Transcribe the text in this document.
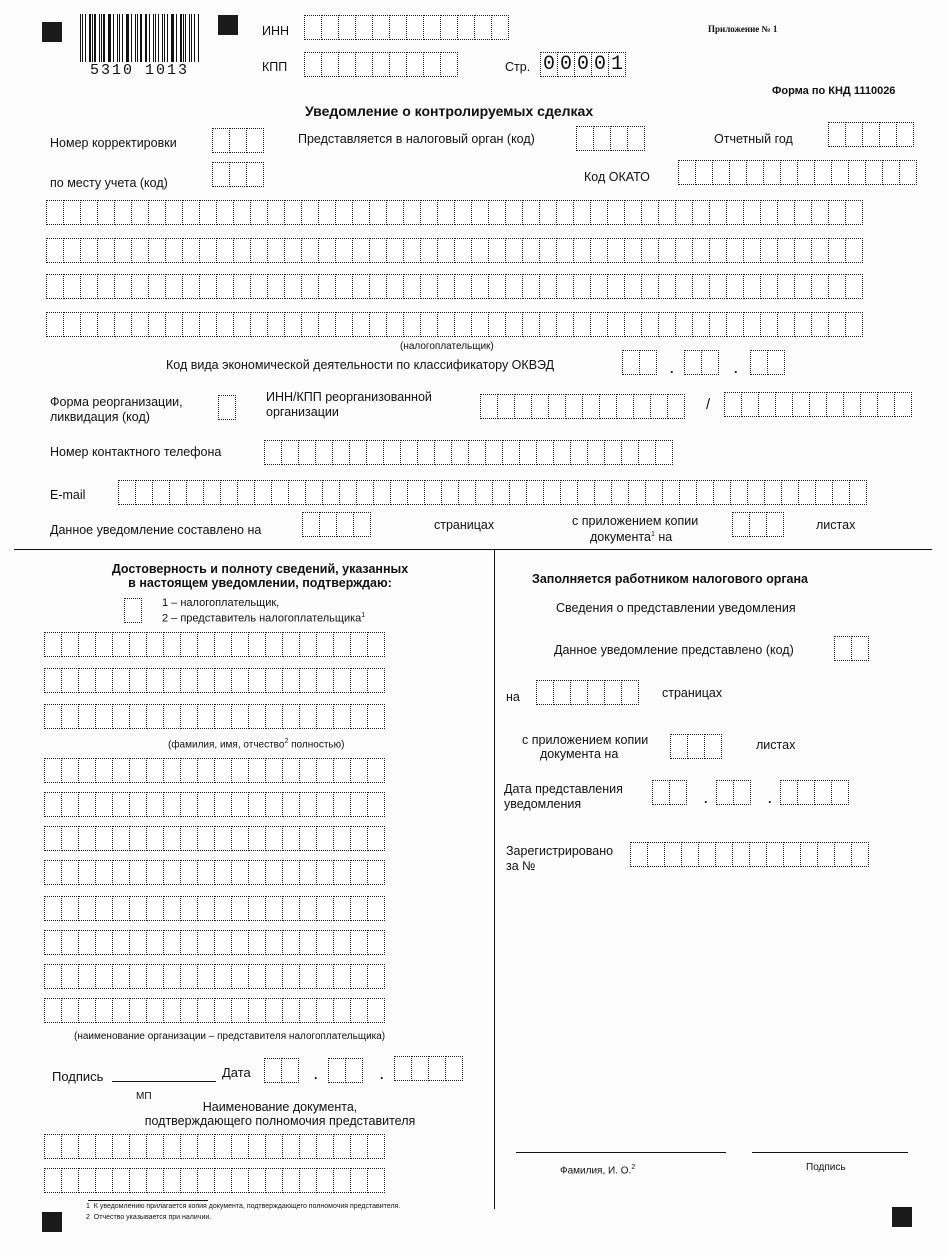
5310 1013
ИНН
КПП	Стр. 0 0 0 0 1
Приложение № 1
Форма по КНД 1110026
Уведомление о контролируемых сделках
Номер корректировки	Представляется в налоговый орган (код)	Отчетный год
по месту учета (код)	Код ОКАТО
(налогоплательщик)
Код вида экономической деятельности по классификатору ОКВЭД	.	.
Форма реорганизации,
ликвидация (код)
ИНН/КПП реорганизованной
организации	/
Номер контактного телефона
E-mail
Данное уведомление составлено на	страницах	с приложением копии
документа$^1$ на
листах
Достоверность и полноту сведений, указанных
в настоящем уведомлении, подтверждаю:
1 – налогоплательщик,
2 – представитель налогоплательщика$^1$
(фамилия, имя, отчество$^2$ полностью)
(наименование организации – представителя налогоплательщика)
Подпись	Дата	.	.
МП
Наименование документа,
подтверждающего полномочия представителя
Заполняется работником налогового органа
Сведения о представлении уведомления
Данное уведомление представлено (код)
на	страницах
с приложением копии
документа на
листах
Дата представления
уведомления	.	.
Зарегистрировано
за №
Фамилия, И. О.$^2$	Подпись
1 К уведомлению прилагается копия документа, подтверждающего полномочия представителя.
2 Отчество указывается при наличии.
